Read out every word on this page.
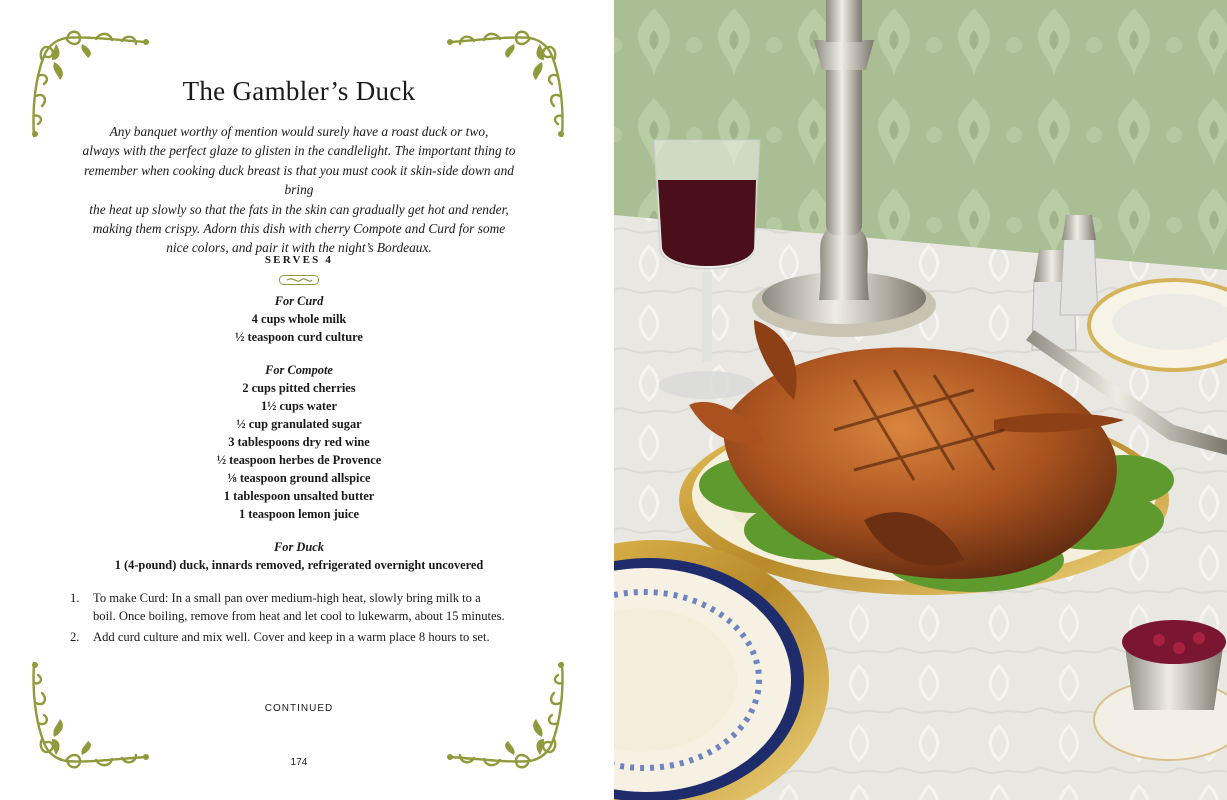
The Gambler’s Duck
Any banquet worthy of mention would surely have a roast duck or two,
always with the perfect glaze to glisten in the candlelight. The important thing to
remember when cooking duck breast is that you must cook it skin-side down and bring
the heat up slowly so that the fats in the skin can gradually get hot and render,
making them crispy. Adorn this dish with cherry Compote and Curd for some
nice colors, and pair it with the night’s Bordeaux.
SERVES 4
For Curd
4 cups whole milk
½ teaspoon curd culture
For Compote
2 cups pitted cherries
1½ cups water
½ cup granulated sugar
3 tablespoons dry red wine
½ teaspoon herbes de Provence
⅛ teaspoon ground allspice
1 tablespoon unsalted butter
1 teaspoon lemon juice
For Duck
1 (4-pound) duck, innards removed, refrigerated overnight uncovered
1. To make Curd: In a small pan over medium-high heat, slowly bring milk to a boil. Once boiling, remove from heat and let cool to lukewarm, about 15 minutes.
2. Add curd culture and mix well. Cover and keep in a warm place 8 hours to set.
CONTINUED
174
